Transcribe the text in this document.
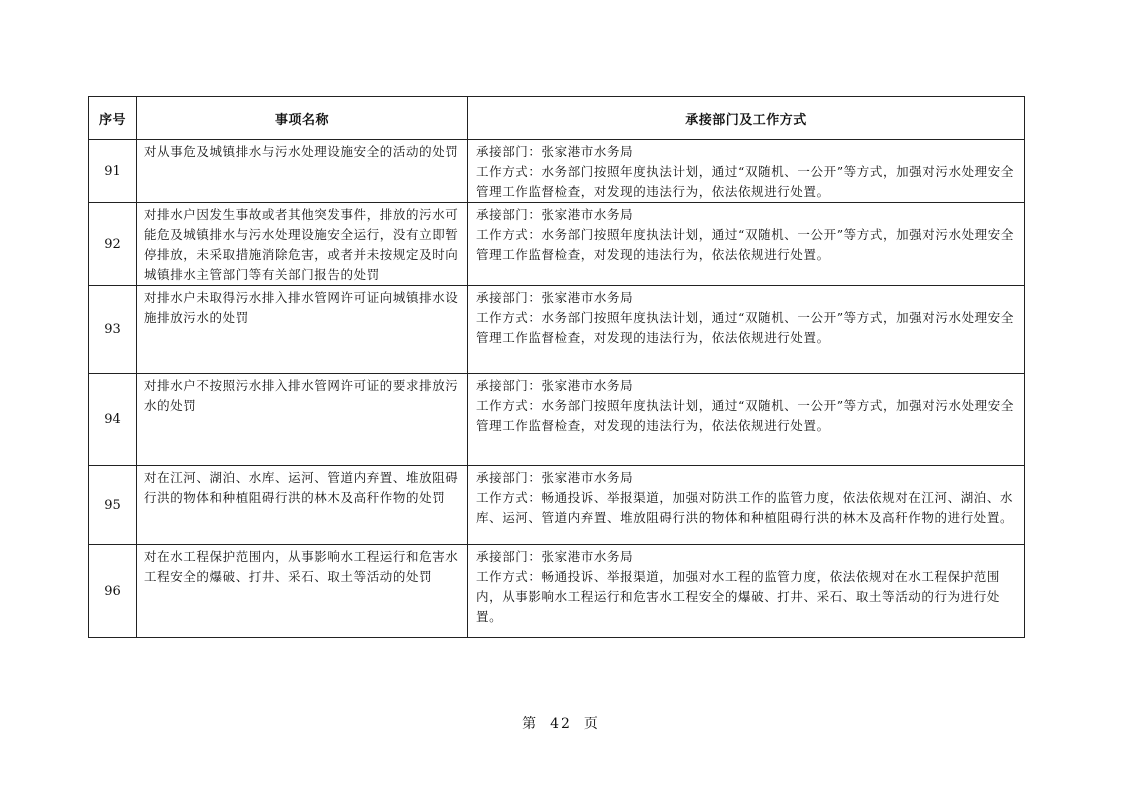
序号	事项名称	承接部门及工作方式
91	对从事危及城镇排水与污水处理设施安全的活动的处罚	承接部门：张家港市水务局
工作方式：水务部门按照年度执法计划，通过“双随机、一公开”等方式，加强对污水处理安全管理工作监督检查，对发现的违法行为，依法依规进行处置。

92	对排水户因发生事故或者其他突发事件，排放的污水可能危及城镇排水与污水处理设施安全运行，没有立即暂停排放，未采取措施消除危害，或者并未按规定及时向城镇排水主管部门等有关部门报告的处罚	承接部门：张家港市水务局
工作方式：水务部门按照年度执法计划，通过“双随机、一公开”等方式，加强对污水处理安全管理工作监督检查，对发现的违法行为，依法依规进行处置。

93	对排水户未取得污水排入排水管网许可证向城镇排水设施排放污水的处罚	承接部门：张家港市水务局
工作方式：水务部门按照年度执法计划，通过“双随机、一公开”等方式，加强对污水处理安全管理工作监督检查，对发现的违法行为，依法依规进行处置。

94	对排水户不按照污水排入排水管网许可证的要求排放污水的处罚	承接部门：张家港市水务局
工作方式：水务部门按照年度执法计划，通过“双随机、一公开”等方式，加强对污水处理安全管理工作监督检查，对发现的违法行为，依法依规进行处置。

95	对在江河、湖泊、水库、运河、管道内弃置、堆放阻碍行洪的物体和种植阻碍行洪的林木及高秆作物的处罚	承接部门：张家港市水务局
工作方式：畅通投诉、举报渠道，加强对防洪工作的监管力度，依法依规对在江河、湖泊、水库、运河、管道内弃置、堆放阻碍行洪的物体和种植阻碍行洪的林木及高秆作物的进行处置。

96	对在水工程保护范围内，从事影响水工程运行和危害水工程安全的爆破、打井、采石、取土等活动的处罚	承接部门：张家港市水务局
工作方式：畅通投诉、举报渠道，加强对水工程的监管力度，依法依规对在水工程保护范围内，从事影响水工程运行和危害水工程安全的爆破、打井、采石、取土等活动的行为进行处置。
第 42 页
